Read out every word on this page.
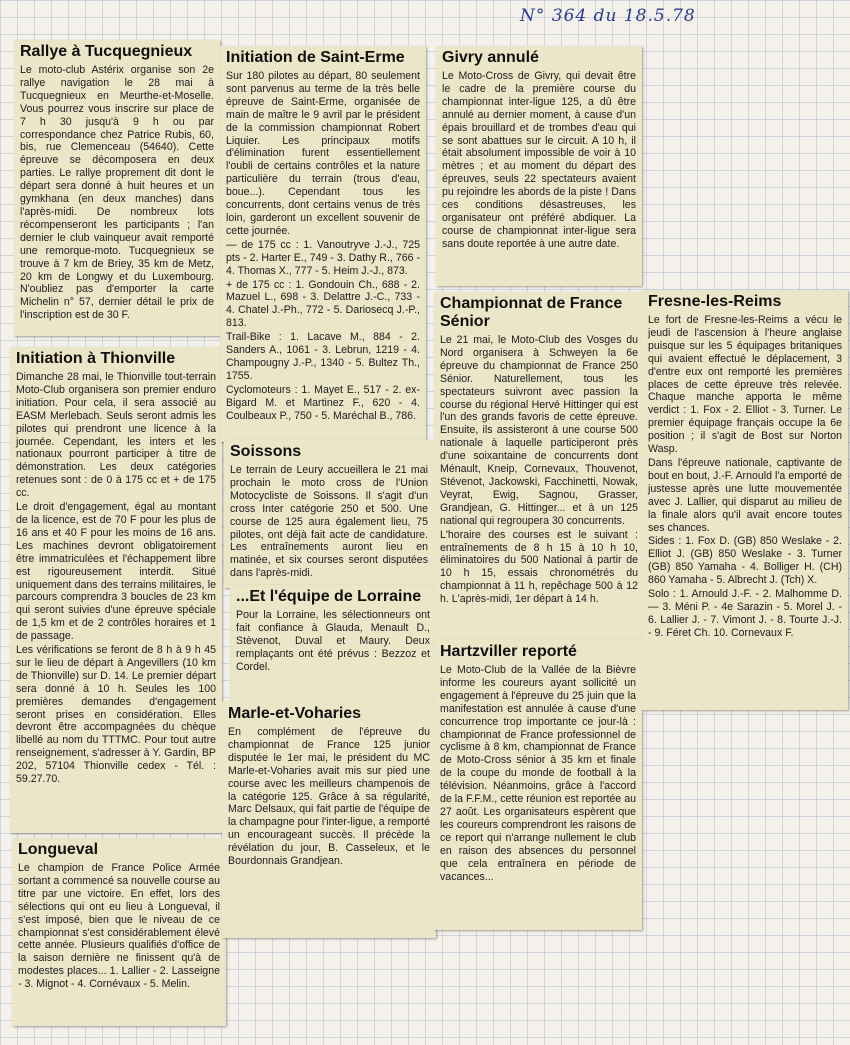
N° 364 du 18.5.78
Rallye à Tucquegnieux

Le moto-club Astérix organise son 2e rallye navigation le 28 mai à Tucquegnieux en Meurthe-et-Moselle. Vous pourrez vous inscrire sur place de 7 h 30 jusqu'à 9 h ou par correspondance chez Patrice Rubis, 60, bis, rue Clemenceau (54640). Cette épreuve se décomposera en deux parties. Le rallye proprement dit dont le départ sera donné à huit heures et un gymkhana (en deux manches) dans l'après-midi. De nombreux lots récompenseront les participants ; l'an dernier le club vainqueur avait remporté une remorque-moto. Tucquegnieux se trouve à 7 km de Briey, 35 km de Metz, 20 km de Longwy et du Luxembourg. N'oubliez pas d'emporter la carte Michelin n° 57, dernier détail le prix de l'inscription est de 30 F.

Initiation à Thionville

Dimanche 28 mai, le Thionville tout-terrain Moto-Club organisera son premier enduro initiation. Pour cela, il sera associé au EASM Merlebach. Seuls seront admis les pilotes qui prendront une licence à la journée. Cependant, les inters et les nationaux pourront participer à titre de démonstration. Les deux catégories retenues sont : de 0 à 175 cc et + de 175 cc.

Le droit d'engagement, égal au montant de la licence, est de 70 F pour les plus de 16 ans et 40 F pour les moins de 16 ans. Les machines devront obligatoirement être immatriculées et l'échappement libre est rigoureusement interdit. Situé uniquement dans des terrains militaires, le parcours comprendra 3 boucles de 23 km qui seront suivies d'une épreuve spéciale de 1,5 km et de 2 contrôles horaires et 1 de passage.

Les vérifications se feront de 8 h à 9 h 45 sur le lieu de départ à Angevillers (10 km de Thionville) sur D. 14. Le premier départ sera donné à 10 h. Seules les 100 premières demandes d'engagement seront prises en considération. Elles devront être accompagnées du chèque libellé au nom du TTTMC. Pour tout autre renseignement, s'adresser à Y. Gardin, BP 202, 57104 Thionville cedex - Tél. : 59.27.70.

Longueval

Le champion de France Police Armée sortant a commencé sa nouvelle course au titre par une victoire. En effet, lors des sélections qui ont eu lieu à Longueval, il s'est imposé, bien que le niveau de ce championnat s'est considérablement élevé cette année. Plusieurs qualifiés d'office de la saison dernière ne finissent qu'à de modestes places... 1. Lallier - 2. Lasseigne - 3. Mignot - 4. Cornévaux - 5. Melin.

Initiation de Saint-Erme

Sur 180 pilotes au départ, 80 seulement sont parvenus au terme de la très belle épreuve de Saint-Erme, organisée de main de maître le 9 avril par le président de la commission championnat Robert Liquier. Les principaux motifs d'élimination furent essentiellement l'oubli de certains contrôles et la nature particulière du terrain (trous d'eau, boue...). Cependant tous les concurrents, dont certains venus de très loin, garderont un excellent souvenir de cette journée.

— de 175 cc : 1. Vanoutryve J.-J., 725 pts - 2. Harter E., 749 - 3. Dathy R., 766 - 4. Thomas X., 777 - 5. Heim J.-J., 873.

+ de 175 cc : 1. Gondouin Ch., 688 - 2. Mazuel L., 698 - 3. Delattre J.-C., 733 - 4. Chatel J.-Ph., 772 - 5. Dariosecq J.-P., 813.

Trail-Bike : 1. Lacave M., 884 - 2. Sanders A., 1061 - 3. Lebrun, 1219 - 4. Champougny J.-P., 1340 - 5. Bultez Th., 1755.

Cyclomoteurs : 1. Mayet E., 517 - 2. ex-Bigard M. et Martinez F., 620 - 4. Coulbeaux P., 750 - 5. Maréchal B., 786.

Soissons

Le terrain de Leury accueillera le 21 mai prochain le moto cross de l'Union Motocycliste de Soissons. Il s'agit d'un cross Inter catégorie 250 et 500. Une course de 125 aura également lieu, 75 pilotes, ont déjà fait acte de candidature. Les entraînements auront lieu en matinée, et six courses seront disputées dans l'après-midi.

...Et l'équipe de Lorraine

Pour la Lorraine, les sélectionneurs ont fait confiance à Glauda, Menault D., Stèvenot, Duval et Maury. Deux remplaçants ont été prévus : Bezzoz et Cordel.

Marle-et-Voharies

En complément de l'épreuve du championnat de France 125 junior disputée le 1er mai, le président du MC Marle-et-Voharies avait mis sur pied une course avec les meilleurs champenois de la catégorie 125. Grâce à sa régularité, Marc Delsaux, qui fait partie de l'équipe de la champagne pour l'inter-ligue, a remporté un encourageant succès. Il précède la révélation du jour, B. Casseleux, et le Bourdonnais Grandjean.

Givry annulé

Le Moto-Cross de Givry, qui devait être le cadre de la première course du championnat inter-ligue 125, a dû être annulé au dernier moment, à cause d'un épais brouillard et de trombes d'eau qui se sont abattues sur le circuit. A 10 h, il était absolument impossible de voir à 10 mètres ; et au moment du départ des épreuves, seuls 22 spectateurs avaient pu rejoindre les abords de la piste ! Dans ces conditions désastreuses, les organisateur ont préféré abdiquer. La course de championnat inter-ligue sera sans doute reportée à une autre date.

Championnat de France Sénior

Le 21 mai, le Moto-Club des Vosges du Nord organisera à Schweyen la 6e épreuve du championnat de France 250 Sénior. Naturellement, tous les spectateurs suivront avec passion la course du régional Hervé Hittinger qui est l'un des grands favoris de cette épreuve. Ensuite, ils assisteront à une course 500 nationale à laquelle participeront près d'une soixantaine de concurrents dont Ménault, Kneip, Cornevaux, Thouvenot, Stévenot, Jackowski, Facchinetti, Nowak, Veyrat, Ewig, Sagnou, Grasser, Grandjean, G. Hittinger... et à un 125 national qui regroupera 30 concurrents.

L'horaire des courses est le suivant : entraînements de 8 h 15 à 10 h 10, éliminatoires du 500 National à partir de 10 h 15, essais chronométrés du championnat à 11 h, repêchage 500 à 12 h. L'après-midi, 1er départ à 14 h.

Hartzviller reporté

Le Moto-Club de la Vallée de la Bièvre informe les coureurs ayant sollicité un engagement à l'épreuve du 25 juin que la manifestation est annulée à cause d'une concurrence trop importante ce jour-là : championnat de France professionnel de cyclisme à 8 km, championnat de France de Moto-Cross sénior à 35 km et finale de la coupe du monde de football à la télévision. Néanmoins, grâce à l'accord de la F.F.M., cette réunion est reportée au 27 août. Les organisateurs espèrent que les coureurs comprendront les raisons de ce report qui n'arrange nullement le club en raison des absences du personnel que cela entraînera en période de vacances...

Fresne-les-Reims

Le fort de Fresne-les-Reims a vécu le jeudi de l'ascension à l'heure anglaise puisque sur les 5 équipages britaniques qui avaient effectué le déplacement, 3 d'entre eux ont remporté les premières places de cette épreuve très relevée. Chaque manche apporta le même verdict : 1. Fox - 2. Elliot - 3. Turner. Le premier équipage français occupe la 6e position ; il s'agit de Bost sur Norton Wasp.

Dans l'épreuve nationale, captivante de bout en bout, J.-F. Arnould l'a emporté de justesse après une lutte mouvementée avec J. Lallier, qui disparut au milieu de la finale alors qu'il avait encore toutes ses chances.

Sides : 1. Fox D. (GB) 850 Weslake - 2. Elliot J. (GB) 850 Weslake - 3. Turner (GB) 850 Yamaha - 4. Bolliger H. (CH) 860 Yamaha - 5. Albrecht J. (Tch) X.

Solo : 1. Arnould J.-F. - 2. Malhomme D. — 3. Méni P. - 4e Sarazin - 5. Morel J. - 6. Lallier J. - 7. Vimont J. - 8. Tourte J.-J. - 9. Féret Ch. 10. Cornevaux F.
